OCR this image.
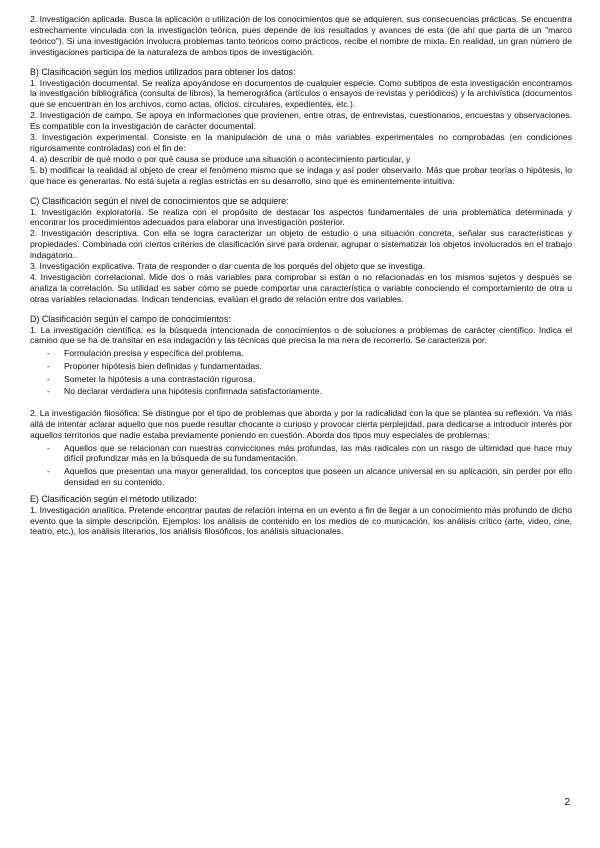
2. Investigación aplicada. Busca la aplicación o utilización de los conocimientos que se adquieren, sus consecuencias prácticas. Se encuentra estrechamente vinculada con la investigación teórica, pues depende de los resultados y avances de esta (de ahí que parta de un "marco teórico"). Si una investigación involucra problemas tanto teóricos como prácticos, recibe el nombre de mixta. En realidad, un gran número de investigaciones participa de la naturaleza de ambos tipos de investigación.

B) Clasificación según los medios utilizados para obtener los datos:

1. Investigación documental. Se realiza apoyándose en documentos de cualquier especie. Como subtipos de esta investigación encontramos la investigación bibliográfica (consulta de libros), la hemerográfica (artículos o ensayos de revistas y periódicos) y la archivística (documentos que se encuentran en los archivos, como actas, oficios, circulares, expedientes, etc.).

2. Investigación de campo. Se apoya en informaciones que provienen, entre otras, de entrevistas, cuestionarios, encuestas y observaciones. Es compatible con la investigación de carácter documental.

3. Investigación experimental. Consiste en la manipulación de una o más variables experimentales no comprobadas (en condiciones rigurosamente controladas) con el fin de:

4. a) describir de qué modo o por qué causa se produce una situación o acontecimiento particular, y

5. b) modificar la realidad al objeto de crear el fenómeno mismo que se indaga y así poder observarlo. Más que probar teorías o hipótesis, lo que hace es generarlas. No está sujeta a reglas estrictas en su desarrollo, sino que es eminentemente intuitiva.

C) Clasificación según el nivel de conocimientos que se adquiere:

1. Investigación exploratoria. Se realiza con el propósito de destacar los aspectos fundamentales de una problemática determinada y encontrar los procedimientos adecuados para elaborar una investigación posterior.

2. Investigación descriptiva. Con ella se logra caracterizar un objeto de estudio o una situación concreta, señalar sus características y propiedades. Combinada con ciertos criterios de clasificación sirve para ordenar, agrupar o sistematizar los objetos involucrados en el trabajo indagatorio..

3. Investigación explicativa. Trata de responder o dar cuenta de los porqués del objeto que se investiga.

4. Investigación correlacional. Mide dos o más variables para comprobar si están o no relacionadas en los mismos sujetos y después se analiza la correlación. Su utilidad es saber cómo se puede comportar una característica o variable conociendo el comportamiento de otra u otras variables relacionadas. Indican tendencias, evalúan el grado de relación entre dos variables.

D) Clasificación según el campo de conocimientos:

1. La investigación científica: es la búsqueda intencionada de conocimientos o de soluciones a problemas de carácter científico. Indica el camino que se ha de transitar en esa indagación y las técnicas que precisa la ma nera de recorrerlo. Se caracteriza por:

- Formulación precisa y específica del problema.
- Proponer hipótesis bien definidas y fundamentadas.
- Someter la hipótesis a una contrastación rigurosa.
- No declarar verdadera una hipótesis confirmada satisfactoriamente.

2. La investigación filosófica: Se distingue por el tipo de problemas que aborda y por la radicalidad con la que se plantea su reflexión. Va más allá de intentar aclarar aquello que nos puede resultar chocante o curioso y provocar cierta perplejidad, para dedicarse a introducir interés por aquellos territorios que nadie estaba previamente poniendo en cuestión. Aborda dos tipos muy especiales de problemas:

- Aquellos que se relacionan con nuestras convicciones más profundas, las más radicales con un rasgo de ultimidad que hace muy difícil profundizar más en la búsqueda de su fundamentación.
- Aquellos que presentan una mayor generalidad, los conceptos que poseen un alcance universal en su aplicación, sin perder por ello densidad en su contenido.

E) Clasificación según el método utilizado:

1. Investigación analítica. Pretende encontrar pautas de relación interna en un evento a fin de llegar a un conocimiento más profundo de dicho evento que la simple descripción. Ejemplos: los análisis de contenido en los medios de co municación, los análisis crítico (arte, video, cine, teatro, etc.), los análisis literarios, los análisis filosóficos, los análisis situacionales.

2
